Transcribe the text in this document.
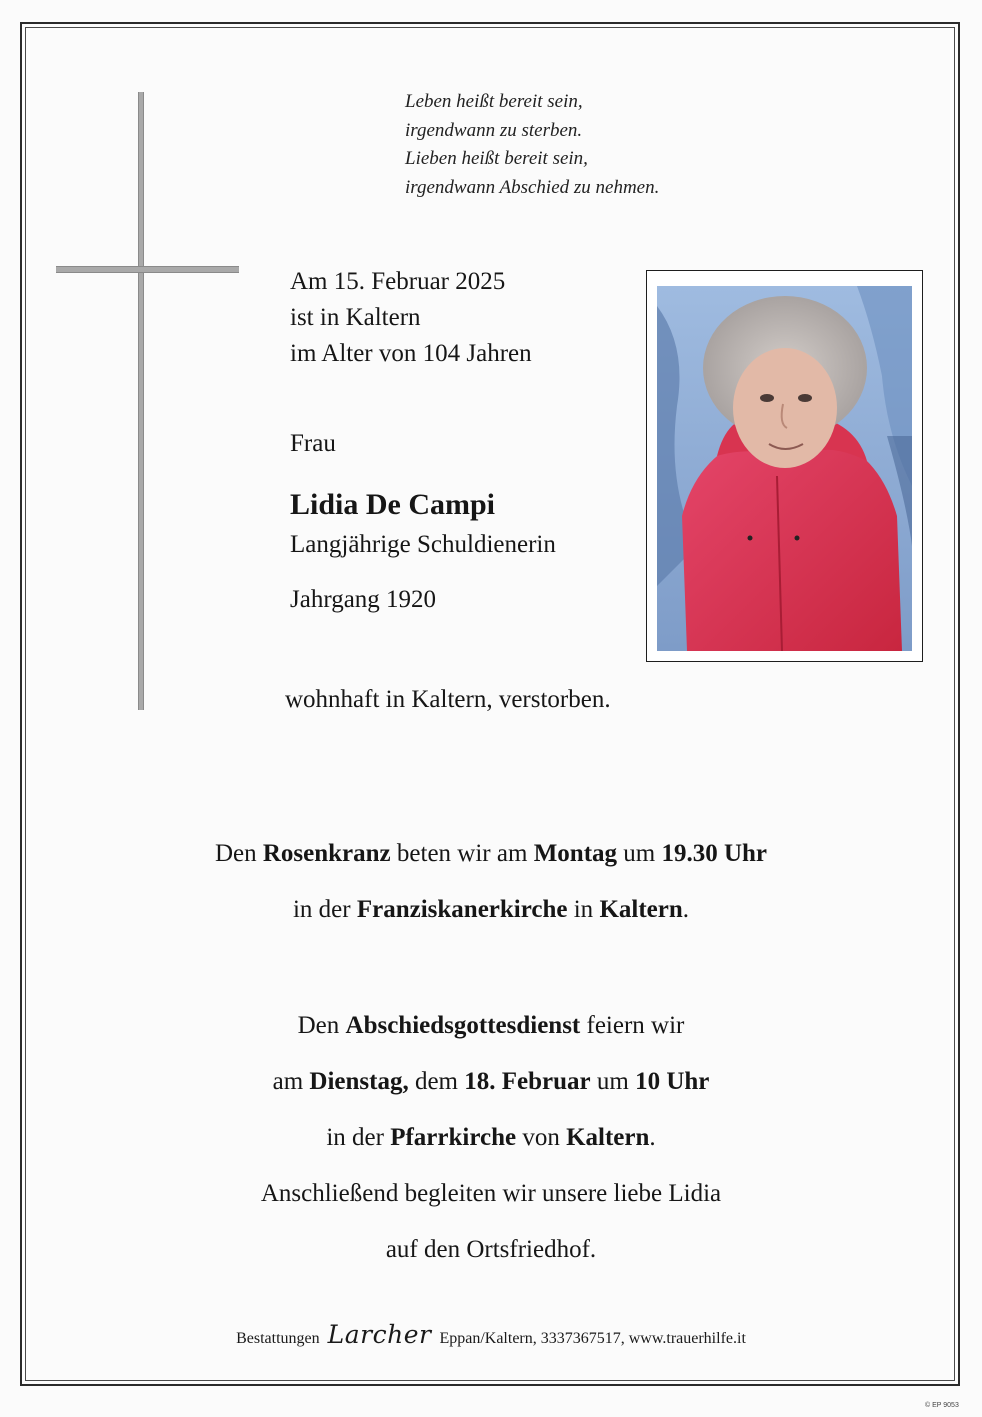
Leben heißt bereit sein,
irgendwann zu sterben.
Lieben heißt bereit sein,
irgendwann Abschied zu nehmen.
Am 15. Februar 2025
ist in Kaltern
im Alter von 104 Jahren
Frau
Lidia De Campi
Langjährige Schuldienerin
Jahrgang 1920
wohnhaft in Kaltern, verstorben.
Den Rosenkranz beten wir am Montag um 19.30 Uhr
in der Franziskanerkirche in Kaltern.
Den Abschiedsgottesdienst feiern wir
am Dienstag, dem 18. Februar um 10 Uhr
in der Pfarrkirche von Kaltern.
Anschließend begleiten wir unsere liebe Lidia
auf den Ortsfriedhof.
Bestattungen Larcher Eppan/Kaltern, 3337367517, www.trauerhilfe.it
© EP 9053
